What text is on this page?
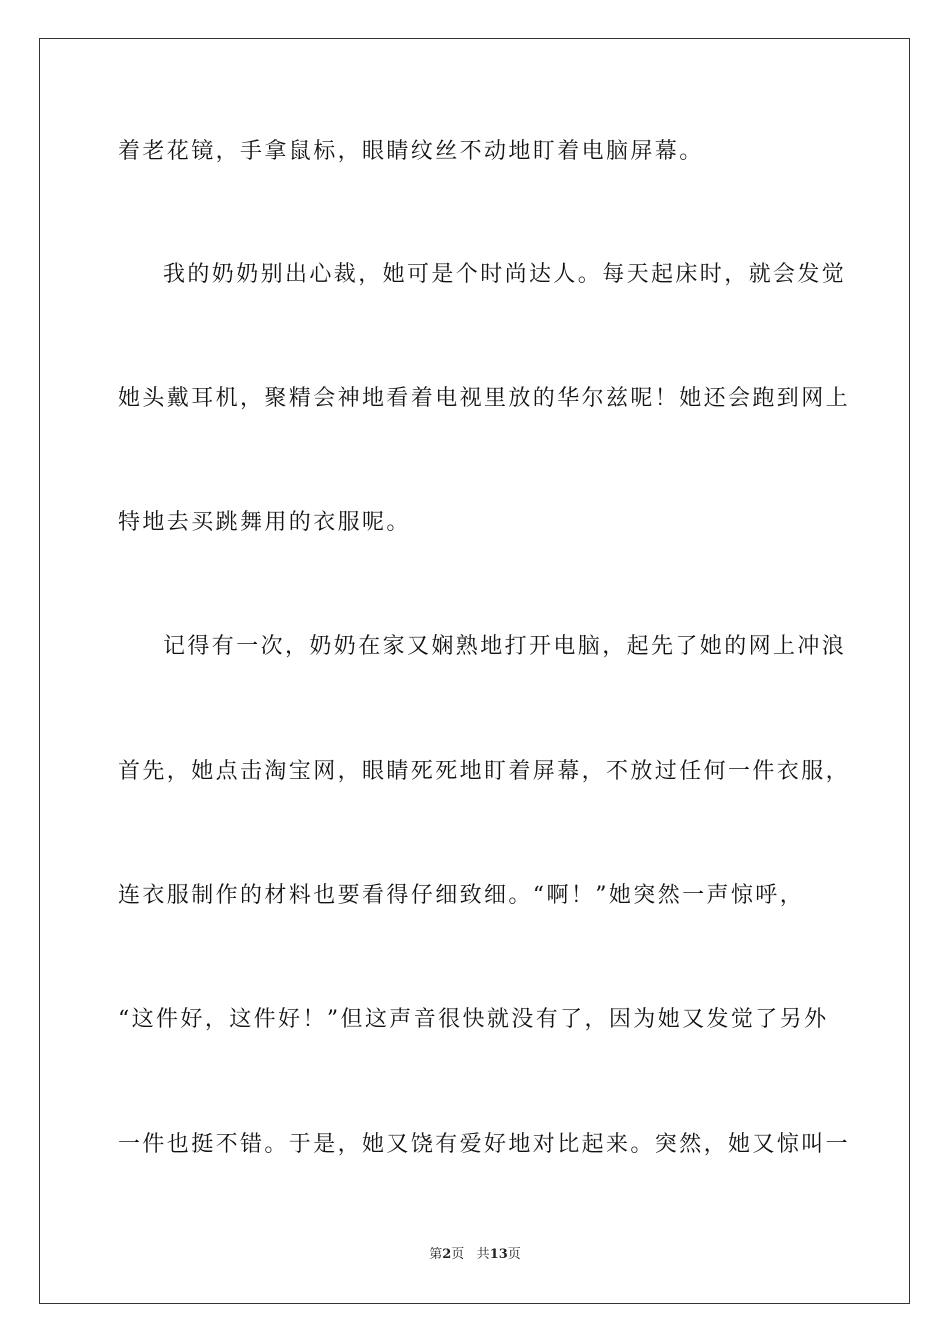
着老花镜，手拿鼠标，眼睛纹丝不动地盯着电脑屏幕。
我的奶奶别出心裁，她可是个时尚达人。每天起床时，就会发觉
她头戴耳机，聚精会神地看着电视里放的华尔兹呢！她还会跑到网上
特地去买跳舞用的衣服呢。
记得有一次，奶奶在家又娴熟地打开电脑，起先了她的网上冲浪
首先，她点击淘宝网，眼睛死死地盯着屏幕，不放过任何一件衣服，
连衣服制作的材料也要看得仔细致细。“啊！”她突然一声惊呼，
“这件好，这件好！”但这声音很快就没有了，因为她又发觉了另外
一件也挺不错。于是，她又饶有爱好地对比起来。突然，她又惊叫一
第2页 共13页
